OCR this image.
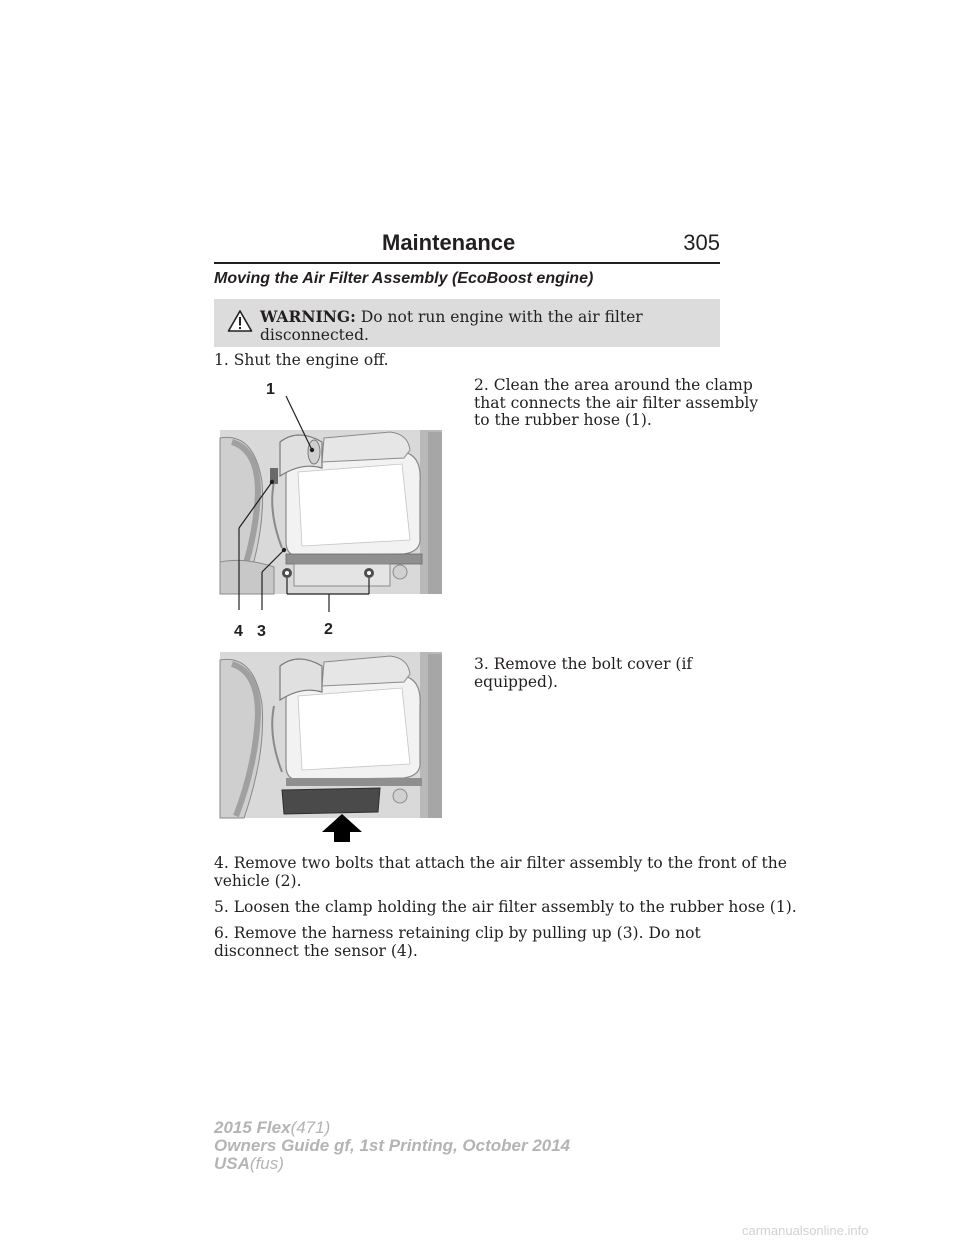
Maintenance	305
Moving the Air Filter Assembly (EcoBoost engine)
WARNING: Do not run engine with the air filter disconnected.

1. Shut the engine off.

2. Clean the area around the clamp
that connects the air filter assembly
to the rubber hose (1).

1
2
3
4

3. Remove the bolt cover (if
equipped).

4. Remove two bolts that attach the air filter assembly to the front of the
vehicle (2).

5. Loosen the clamp holding the air filter assembly to the rubber hose (1).

6. Remove the harness retaining clip by pulling up (3). Do not
disconnect the sensor (4).

2015 Flex(471)
Owners Guide gf, 1st Printing, October 2014
USA(fus)
carmanualsonline.info
